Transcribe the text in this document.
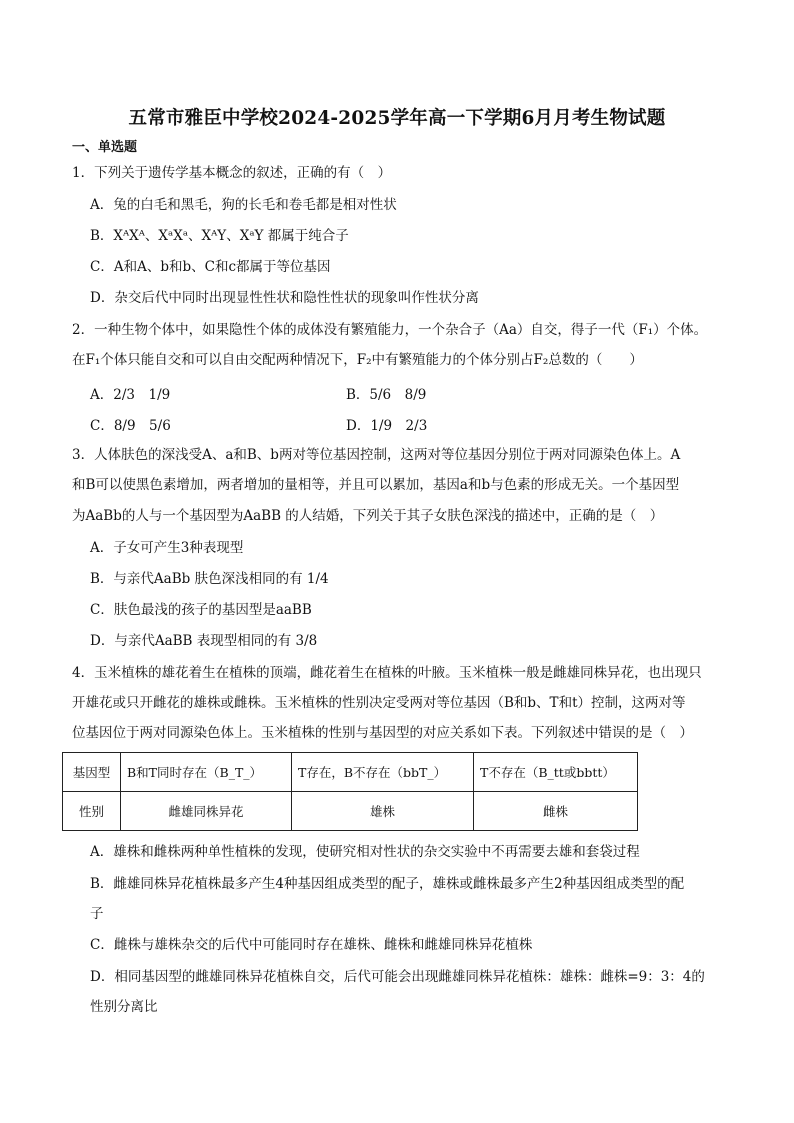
五常市雅臣中学校2024-2025学年高一下学期6月月考生物试题
一、单选题
1．下列关于遗传学基本概念的叙述，正确的有（　）
A．兔的白毛和黑毛，狗的长毛和卷毛都是相对性状
B．XᴬXᴬ、XᵃXᵃ、XᴬY、XᵃY 都属于纯合子
C．A和A、b和b、C和c都属于等位基因
D．杂交后代中同时出现显性性状和隐性性状的现象叫作性状分离
2．一种生物个体中，如果隐性个体的成体没有繁殖能力，一个杂合子（Aa）自交，得子一代（F₁）个体。
在F₁个体只能自交和可以自由交配两种情况下，F₂中有繁殖能力的个体分别占F₂总数的（　　）
A．2/3　1/9	B．5/6　8/9
C．8/9　5/6	D．1/9　2/3
3．人体肤色的深浅受A、a和B、b两对等位基因控制，这两对等位基因分别位于两对同源染色体上。A
和B可以使黑色素增加，两者增加的量相等，并且可以累加，基因a和b与色素的形成无关。一个基因型
为AaBb的人与一个基因型为AaBB 的人结婚，下列关于其子女肤色深浅的描述中，正确的是（　）
A．子女可产生3种表现型
B．与亲代AaBb 肤色深浅相同的有 1/4
C．肤色最浅的孩子的基因型是aaBB
D．与亲代AaBB 表现型相同的有 3/8
4．玉米植株的雄花着生在植株的顶端，雌花着生在植株的叶腋。玉米植株一般是雌雄同株异花，也出现只
开雄花或只开雌花的雄株或雌株。玉米植株的性别决定受两对等位基因（B和b、T和t）控制，这两对等
位基因位于两对同源染色体上。玉米植株的性别与基因型的对应关系如下表。下列叙述中错误的是（　）
基因型	B和T同时存在（B_T_）	T存在，B不存在（bbT_）	T不存在（B_tt或bbtt）
性别	雌雄同株异花	雄株	雌株
A．雄株和雌株两种单性植株的发现，使研究相对性状的杂交实验中不再需要去雄和套袋过程
B．雌雄同株异花植株最多产生4种基因组成类型的配子，雄株或雌株最多产生2种基因组成类型的配
子
C．雌株与雄株杂交的后代中可能同时存在雄株、雌株和雌雄同株异花植株
D．相同基因型的雌雄同株异花植株自交，后代可能会出现雌雄同株异花植株：雄株：雌株=9：3：4的
性别分离比
